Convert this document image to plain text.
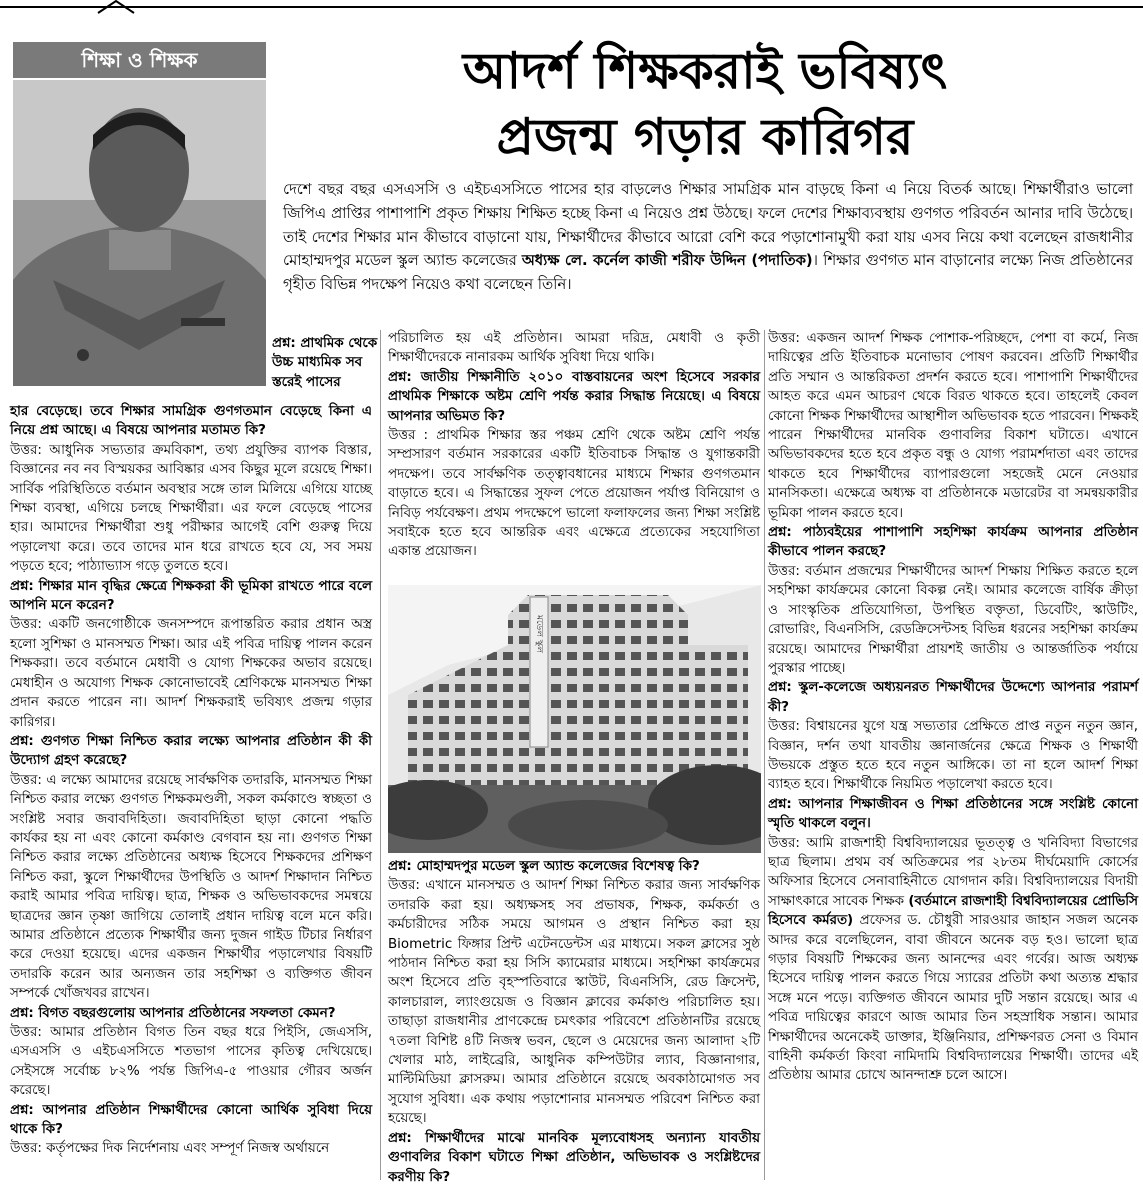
শিক্ষা ও শিক্ষক	আদর্শ শিক্ষকরাই ভবিষ্যৎ
প্রজন্ম গড়ার কারিগর

দেশে বছর বছর এসএসসি ও এইচএসসিতে পাসের হার বাড়লেও শিক্ষার সামগ্রিক মান বাড়ছে কিনা এ নিয়ে বিতর্ক আছে। শিক্ষার্থীরাও ভালো জিপিএ প্রাপ্তির পাশাপাশি প্রকৃত শিক্ষায় শিক্ষিত হচ্ছে কিনা এ নিয়েও প্রশ্ন উঠছে। ফলে দেশের শিক্ষাব্যবস্থায় গুণগত পরিবর্তন আনার দাবি উঠেছে। তাই দেশের শিক্ষার মান কীভাবে বাড়ানো যায়, শিক্ষার্থীদের কীভাবে আরো বেশি করে পড়াশোনামুখী করা যায় এসব নিয়ে কথা বলেছেন রাজধানীর মোহাম্মদপুর মডেল স্কুল অ্যান্ড কলেজের অধ্যক্ষ লে. কর্নেল কাজী শরীফ উদ্দিন (পদাতিক)। শিক্ষার গুণগত মান বাড়ানোর লক্ষ্যে নিজ প্রতিষ্ঠানের গৃহীত বিভিন্ন পদক্ষেপ নিয়েও কথা বলেছেন তিনি।

প্রশ্ন: প্রাথমিক থেকে উচ্চ মাধ্যমিক সব স্তরেই পাসের

হার বেড়েছে। তবে শিক্ষার সামগ্রিক গুণগতমান বেড়েছে কিনা এ নিয়ে প্রশ্ন আছে। এ বিষয়ে আপনার মতামত কি?

উত্তর: আধুনিক সভ্যতার ক্রমবিকাশ, তথ্য প্রযুক্তির ব্যাপক বিস্তার, বিজ্ঞানের নব নব বিস্ময়কর আবিষ্কার এসব কিছুর মূলে রয়েছে শিক্ষা। সার্বিক পরিস্থিতিতে বর্তমান অবস্থার সঙ্গে তাল মিলিয়ে এগিয়ে যাচ্ছে শিক্ষা ব্যবস্থা, এগিয়ে চলছে শিক্ষার্থীরা। এর ফলে বেড়েছে পাসের হার। আমাদের শিক্ষার্থীরা শুধু পরীক্ষার আগেই বেশি গুরুত্ব দিয়ে পড়ালেখা করে। তবে তাদের মান ধরে রাখতে হবে যে, সব সময় পড়তে হবে; পাঠ্যাভ্যাস গড়ে তুলতে হবে।

প্রশ্ন: শিক্ষার মান বৃদ্ধির ক্ষেত্রে শিক্ষকরা কী ভূমিকা রাখতে পারে বলে আপনি মনে করেন?

উত্তর: একটি জনগোষ্ঠীকে জনসম্পদে রূপান্তরিত করার প্রধান অস্ত্র হলো সুশিক্ষা ও মানসম্মত শিক্ষা। আর এই পবিত্র দায়িত্ব পালন করেন শিক্ষকরা। তবে বর্তমানে মেধাবী ও যোগ্য শিক্ষকের অভাব রয়েছে। মেধাহীন ও অযোগ্য শিক্ষক কোনোভাবেই শ্রেণিকক্ষে মানসম্মত শিক্ষা প্রদান করতে পারেন না। আদর্শ শিক্ষকরাই ভবিষ্যৎ প্রজন্ম গড়ার কারিগর।

প্রশ্ন: গুণগত শিক্ষা নিশ্চিত করার লক্ষ্যে আপনার প্রতিষ্ঠান কী কী উদ্যোগ গ্রহণ করেছে?

উত্তর: এ লক্ষ্যে আমাদের রয়েছে সার্বক্ষণিক তদারকি, মানসম্মত শিক্ষা নিশ্চিত করার লক্ষ্যে গুণগত শিক্ষকমণ্ডলী, সকল কর্মকাণ্ডে স্বচ্ছতা ও সংশ্লিষ্ট সবার জবাবদিহিতা। জবাবদিহিতা ছাড়া কোনো পদ্ধতি কার্যকর হয় না এবং কোনো কর্মকাণ্ড বেগবান হয় না। গুণগত শিক্ষা নিশ্চিত করার লক্ষ্যে প্রতিষ্ঠানের অধ্যক্ষ হিসেবে শিক্ষকদের প্রশিক্ষণ নিশ্চিত করা, স্কুলে শিক্ষার্থীদের উপস্থিতি ও আদর্শ শিক্ষাদান নিশ্চিত করাই আমার পবিত্র দায়িত্ব। ছাত্র, শিক্ষক ও অভিভাবকদের সমন্বয়ে ছাত্রদের জ্ঞান তৃষ্ণা জাগিয়ে তোলাই প্রধান দায়িত্ব বলে মনে করি। আমার প্রতিষ্ঠানে প্রত্যেক শিক্ষার্থীর জন্য দুজন গাইড টিচার নির্ধারণ করে দেওয়া হয়েছে। এদের একজন শিক্ষার্থীর পড়ালেখার বিষয়টি তদারকি করেন আর অন্যজন তার সহশিক্ষা ও ব্যক্তিগত জীবন সম্পর্কে খোঁজখবর রাখেন।

প্রশ্ন: বিগত বছরগুলোয় আপনার প্রতিষ্ঠানের সফলতা কেমন?

উত্তর: আমার প্রতিষ্ঠান বিগত তিন বছর ধরে পিইসি, জেএসসি, এসএসসি ও এইচএসসিতে শতভাগ পাসের কৃতিত্ব দেখিয়েছে। সেইসঙ্গে সর্বোচ্চ ৮২% পর্যন্ত জিপিএ-৫ পাওয়ার গৌরব অর্জন করেছে।

প্রশ্ন: আপনার প্রতিষ্ঠান শিক্ষার্থীদের কোনো আর্থিক সুবিধা দিয়ে থাকে কি?

উত্তর: কর্তৃপক্ষের দিক নির্দেশনায় এবং সম্পূর্ণ নিজস্ব অর্থায়নে

পরিচালিত হয় এই প্রতিষ্ঠান। আমরা দরিদ্র, মেধাবী ও কৃতী শিক্ষার্থীদেরকে নানারকম আর্থিক সুবিধা দিয়ে থাকি।

প্রশ্ন: জাতীয় শিক্ষানীতি ২০১০ বাস্তবায়নের অংশ হিসেবে সরকার প্রাথমিক শিক্ষাকে অষ্টম শ্রেণি পর্যন্ত করার সিদ্ধান্ত নিয়েছে। এ বিষয়ে আপনার অভিমত কি?

উত্তর : প্রাথমিক শিক্ষার স্তর পঞ্চম শ্রেণি থেকে অষ্টম শ্রেণি পর্যন্ত সম্প্রসারণ বর্তমান সরকারের একটি ইতিবাচক সিদ্ধান্ত ও যুগান্তকারী পদক্ষেপ। তবে সার্বক্ষণিক তত্ত্বাবধানের মাধ্যমে শিক্ষার গুণগতমান বাড়াতে হবে। এ সিদ্ধান্তের সুফল পেতে প্রয়োজন পর্যাপ্ত বিনিয়োগ ও নিবিড় পর্যবেক্ষণ। প্রথম পদক্ষেপে ভালো ফলাফলের জন্য শিক্ষা সংশ্লিষ্ট সবাইকে হতে হবে আন্তরিক এবং এক্ষেত্রে প্রত্যেকের সহযোগিতা একান্ত প্রয়োজন।

মডেল স্কুল

প্রশ্ন: মোহাম্মদপুর মডেল স্কুল অ্যান্ড কলেজের বিশেষত্ব কি?

উত্তর: এখানে মানসম্মত ও আদর্শ শিক্ষা নিশ্চিত করার জন্য সার্বক্ষণিক তদারকি করা হয়। অধ্যক্ষসহ সব প্রভাষক, শিক্ষক, কর্মকর্তা ও কর্মচারীদের সঠিক সময়ে আগমন ও প্রস্থান নিশ্চিত করা হয় Biometric ফিঙ্গার প্রিন্ট এটেনডেন্টস এর মাধ্যমে। সকল ক্লাসের সুষ্ঠ পাঠদান নিশ্চিত করা হয় সিসি ক্যামেরার মাধ্যমে। সহশিক্ষা কার্যক্রমের অংশ হিসেবে প্রতি বৃহস্পতিবারে স্কাউট, বিএনসিসি, রেড ক্রিসেন্ট, কালচারাল, ল্যাংগুয়েজ ও বিজ্ঞান ক্লাবের কর্মকাণ্ড পরিচালিত হয়। তাছাড়া রাজধানীর প্রাণকেন্দ্রে চমৎকার পরিবেশে প্রতিষ্ঠানটির রয়েছে ৭তলা বিশিষ্ট ৪টি নিজস্ব ভবন, ছেলে ও মেয়েদের জন্য আলাদা ২টি খেলার মাঠ, লাইব্রেরি, আধুনিক কম্পিউটার ল্যাব, বিজ্ঞানাগার, মাল্টিমিডিয়া ক্লাসরুম। আমার প্রতিষ্ঠানে রয়েছে অবকাঠামোগত সব সুযোগ সুবিধা। এক কথায় পড়াশোনার মানসম্মত পরিবেশ নিশ্চিত করা হয়েছে।

প্রশ্ন: শিক্ষার্থীদের মাঝে মানবিক মূল্যবোধসহ অন্যান্য যাবতীয় গুণাবলির বিকাশ ঘটাতে শিক্ষা প্রতিষ্ঠান, অভিভাবক ও সংশ্লিষ্টদের করণীয় কি?

উত্তর: একজন আদর্শ শিক্ষক পোশাক-পরিচ্ছদে, পেশা বা কর্মে, নিজ দায়িত্বের প্রতি ইতিবাচক মনোভাব পোষণ করবেন। প্রতিটি শিক্ষার্থীর প্রতি সম্মান ও আন্তরিকতা প্রদর্শন করতে হবে। পাশাপাশি শিক্ষার্থীদের আহত করে এমন আচরণ থেকে বিরত থাকতে হবে। তাহলেই কেবল কোনো শিক্ষক শিক্ষার্থীদের আস্থাশীল অভিভাবক হতে পারবেন। শিক্ষকই পারেন শিক্ষার্থীদের মানবিক গুণাবলির বিকাশ ঘটাতে। এখানে অভিভাবকদের হতে হবে প্রকৃত বন্ধু ও যোগ্য পরামর্শদাতা এবং তাদের থাকতে হবে শিক্ষার্থীদের ব্যাপারগুলো সহজেই মেনে নেওয়ার মানসিকতা। এক্ষেত্রে অধ্যক্ষ বা প্রতিষ্ঠানকে মডারেটর বা সমন্বয়কারীর ভূমিকা পালন করতে হবে।

প্রশ্ন: পাঠ্যবইয়ের পাশাপাশি সহশিক্ষা কার্যক্রম আপনার প্রতিষ্ঠান কীভাবে পালন করছে?

উত্তর: বর্তমান প্রজন্মের শিক্ষার্থীদের আদর্শ শিক্ষায় শিক্ষিত করতে হলে সহশিক্ষা কার্যক্রমের কোনো বিকল্প নেই। আমার কলেজে বার্ষিক ক্রীড়া ও সাংস্কৃতিক প্রতিযোগিতা, উপস্থিত বক্তৃতা, ডিবেটিং, স্কাউটিং, রোভারিং, বিএনসিসি, রেডক্রিসেন্টসহ বিভিন্ন ধরনের সহশিক্ষা কার্যক্রম রয়েছে। আমাদের শিক্ষার্থীরা প্রায়শই জাতীয় ও আন্তর্জাতিক পর্যায়ে পুরস্কার পাচ্ছে।

প্রশ্ন: স্কুল-কলেজে অধ্যয়নরত শিক্ষার্থীদের উদ্দেশ্যে আপনার পরামর্শ কী?

উত্তর: বিশ্বায়নের যুগে যন্ত্র সভ্যতার প্রেক্ষিতে প্রাপ্ত নতুন নতুন জ্ঞান, বিজ্ঞান, দর্শন তথা যাবতীয় জ্ঞানার্জনের ক্ষেত্রে শিক্ষক ও শিক্ষার্থী উভয়কে প্রস্তুত হতে হবে নতুন আঙ্গিকে। তা না হলে আদর্শ শিক্ষা ব্যাহত হবে। শিক্ষার্থীকে নিয়মিত পড়ালেখা করতে হবে।

প্রশ্ন: আপনার শিক্ষাজীবন ও শিক্ষা প্রতিষ্ঠানের সঙ্গে সংশ্লিষ্ট কোনো স্মৃতি থাকলে বলুন।

উত্তর: আমি রাজশাহী বিশ্ববিদ্যালয়ের ভূতত্ত্ব ও খনিবিদ্যা বিভাগের ছাত্র ছিলাম। প্রথম বর্ষ অতিক্রমের পর ২৮তম দীর্ঘমেয়াদি কোর্সের অফিসার হিসেবে সেনাবাহিনীতে যোগদান করি। বিশ্ববিদ্যালয়ের বিদায়ী সাক্ষাৎকারে সাবেক শিক্ষক (বর্তমানে রাজশাহী বিশ্ববিদ্যালয়ের প্রোভিসি হিসেবে কর্মরত) প্রফেসর ড. চৌধুরী সারওয়ার জাহান সজল অনেক আদর করে বলেছিলেন, বাবা জীবনে অনেক বড় হও। ভালো ছাত্র গড়ার বিষয়টি শিক্ষকের জন্য আনন্দের এবং গর্বের। আজ অধ্যক্ষ হিসেবে দায়িত্ব পালন করতে গিয়ে স্যারের প্রতিটা কথা অত্যন্ত শ্রদ্ধার সঙ্গে মনে পড়ে। ব্যক্তিগত জীবনে আমার দুটি সন্তান রয়েছে। আর এ পবিত্র দায়িত্বের কারণে আজ আমার তিন সহস্রাধিক সন্তান। আমার শিক্ষার্থীদের অনেকেই ডাক্তার, ইঞ্জিনিয়ার, প্রশিক্ষণরত সেনা ও বিমান বাহিনী কর্মকর্তা কিংবা নামিদামি বিশ্ববিদ্যালয়ের শিক্ষার্থী। তাদের এই প্রতিষ্ঠায় আমার চোখে আনন্দাশ্রু চলে আসে।
